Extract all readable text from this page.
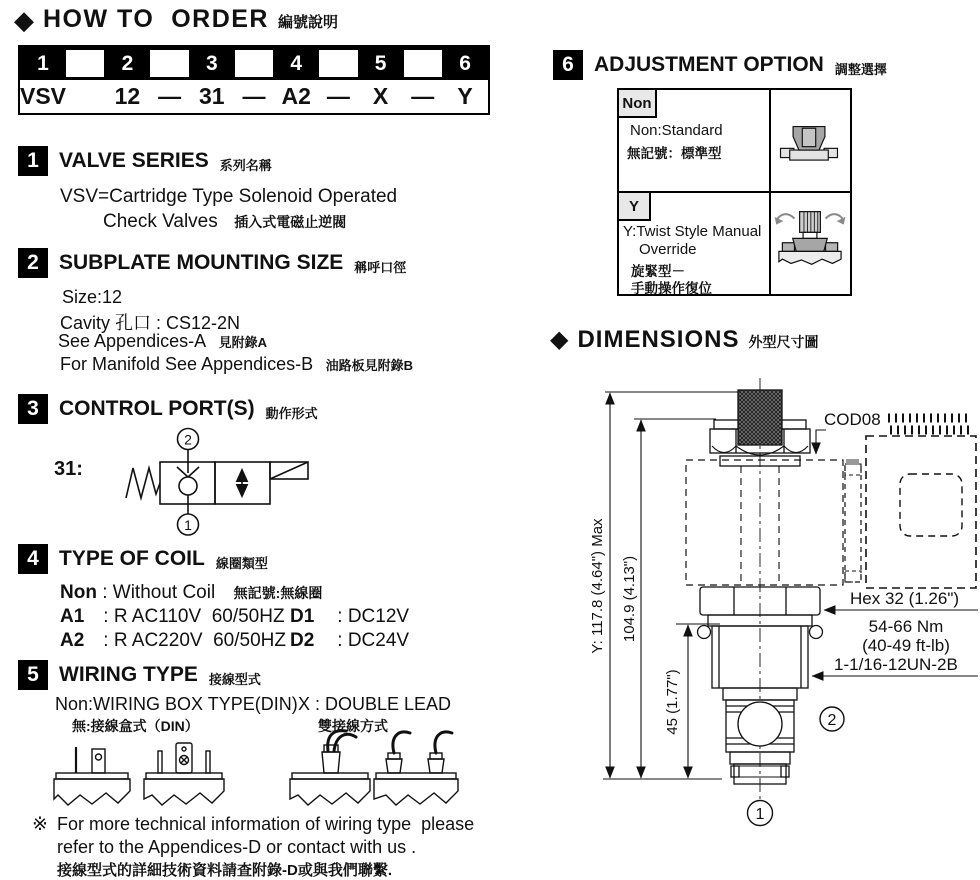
◆ HOW TO  ORDER 編號說明
1	2	3	4	5	6
VSV	12 — 31 — A2 —	X	—	Y
1 VALVE SERIES 系列名稱
VSV=Cartridge Type Solenoid Operated
Check Valves 插入式電磁止逆閥
2 SUBPLATE MOUNTING SIZE 稱呼口徑
Size:12
Cavity 孔口 : CS12-2N
See Appendices-A 見附錄A
For Manifold See Appendices-B 油路板見附錄B
3 CONTROL PORT(S) 動作形式
31:
2
1
4 TYPE OF COIL 線圈類型
Non : Without Coil 無記號:無線圈
A1 : R AC110V  60/50HZ D1 : DC12V
A2 : R AC220V  60/50HZ D2 : DC24V
5 WIRING TYPE 接線型式
Non:WIRING BOX TYPE(DIN) X : DOUBLE LEAD
無:接線盒式（DIN）	雙接線方式
※ For more technical information of wiring type  please
refer to the Appendices-D or contact with us .
接線型式的詳細技術資料請查附錄-D或與我們聯繫.
6 ADJUSTMENT OPTION 調整選擇
Non
Non:Standard
無記號：標準型
Y
Y:Twist Style Manual
Override
旋緊型－
手動操作復位
◆ DIMENSIONS 外型尺寸圖
Y: 117.8 (4.64") Max 104.9 (4.13")
45 (1.77")
COD08
Hex 32 (1.26")
54-66 Nm
(40-49 ft-lb)
1-1/16-12UN-2B
2
1
